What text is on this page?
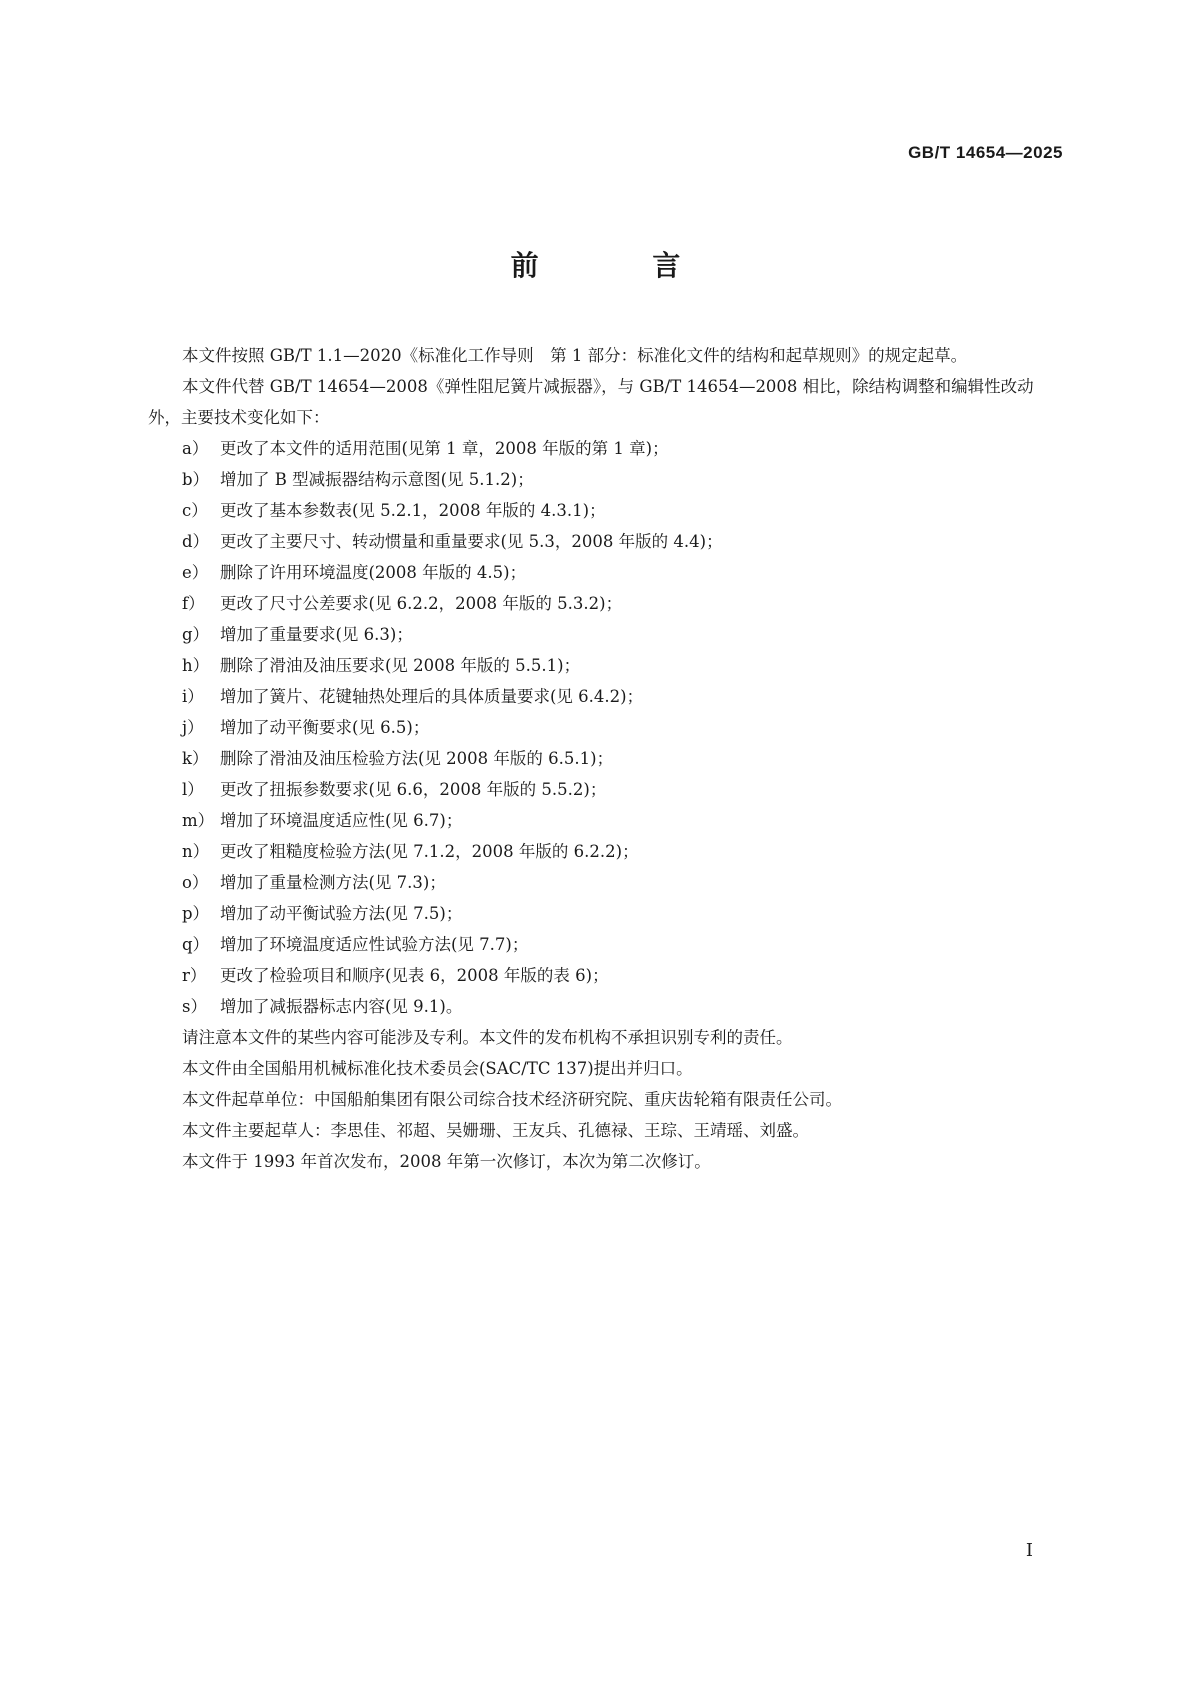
GB/T 14654—2025
前 言

本文件按照 GB/T 1.1—2020《标准化工作导则　第 1 部分：标准化文件的结构和起草规则》的规定起草。

本文件代替 GB/T 14654—2008《弹性阻尼簧片减振器》，与 GB/T 14654—2008 相比，除结构调整和编辑性改动外，主要技术变化如下：

a） 更改了本文件的适用范围(见第 1 章，2008 年版的第 1 章)；
b） 增加了 B 型减振器结构示意图(见 5.1.2)；
c） 更改了基本参数表(见 5.2.1，2008 年版的 4.3.1)；
d） 更改了主要尺寸、转动惯量和重量要求(见 5.3，2008 年版的 4.4)；
e） 删除了许用环境温度(2008 年版的 4.5)；
f） 更改了尺寸公差要求(见 6.2.2，2008 年版的 5.3.2)；
g） 增加了重量要求(见 6.3)；
h） 删除了滑油及油压要求(见 2008 年版的 5.5.1)；
i） 增加了簧片、花键轴热处理后的具体质量要求(见 6.4.2)；
j） 增加了动平衡要求(见 6.5)；
k） 删除了滑油及油压检验方法(见 2008 年版的 6.5.1)；
l） 更改了扭振参数要求(见 6.6，2008 年版的 5.5.2)；
m） 增加了环境温度适应性(见 6.7)；
n） 更改了粗糙度检验方法(见 7.1.2，2008 年版的 6.2.2)；
o） 增加了重量检测方法(见 7.3)；
p） 增加了动平衡试验方法(见 7.5)；
q） 增加了环境温度适应性试验方法(见 7.7)；
r） 更改了检验项目和顺序(见表 6，2008 年版的表 6)；
s） 增加了减振器标志内容(见 9.1)。

请注意本文件的某些内容可能涉及专利。本文件的发布机构不承担识别专利的责任。

本文件由全国船用机械标准化技术委员会(SAC/TC 137)提出并归口。

本文件起草单位：中国船舶集团有限公司综合技术经济研究院、重庆齿轮箱有限责任公司。

本文件主要起草人：李思佳、祁超、吴姗珊、王友兵、孔德禄、王琮、王靖瑶、刘盛。

本文件于 1993 年首次发布，2008 年第一次修订，本次为第二次修订。

Ⅰ
